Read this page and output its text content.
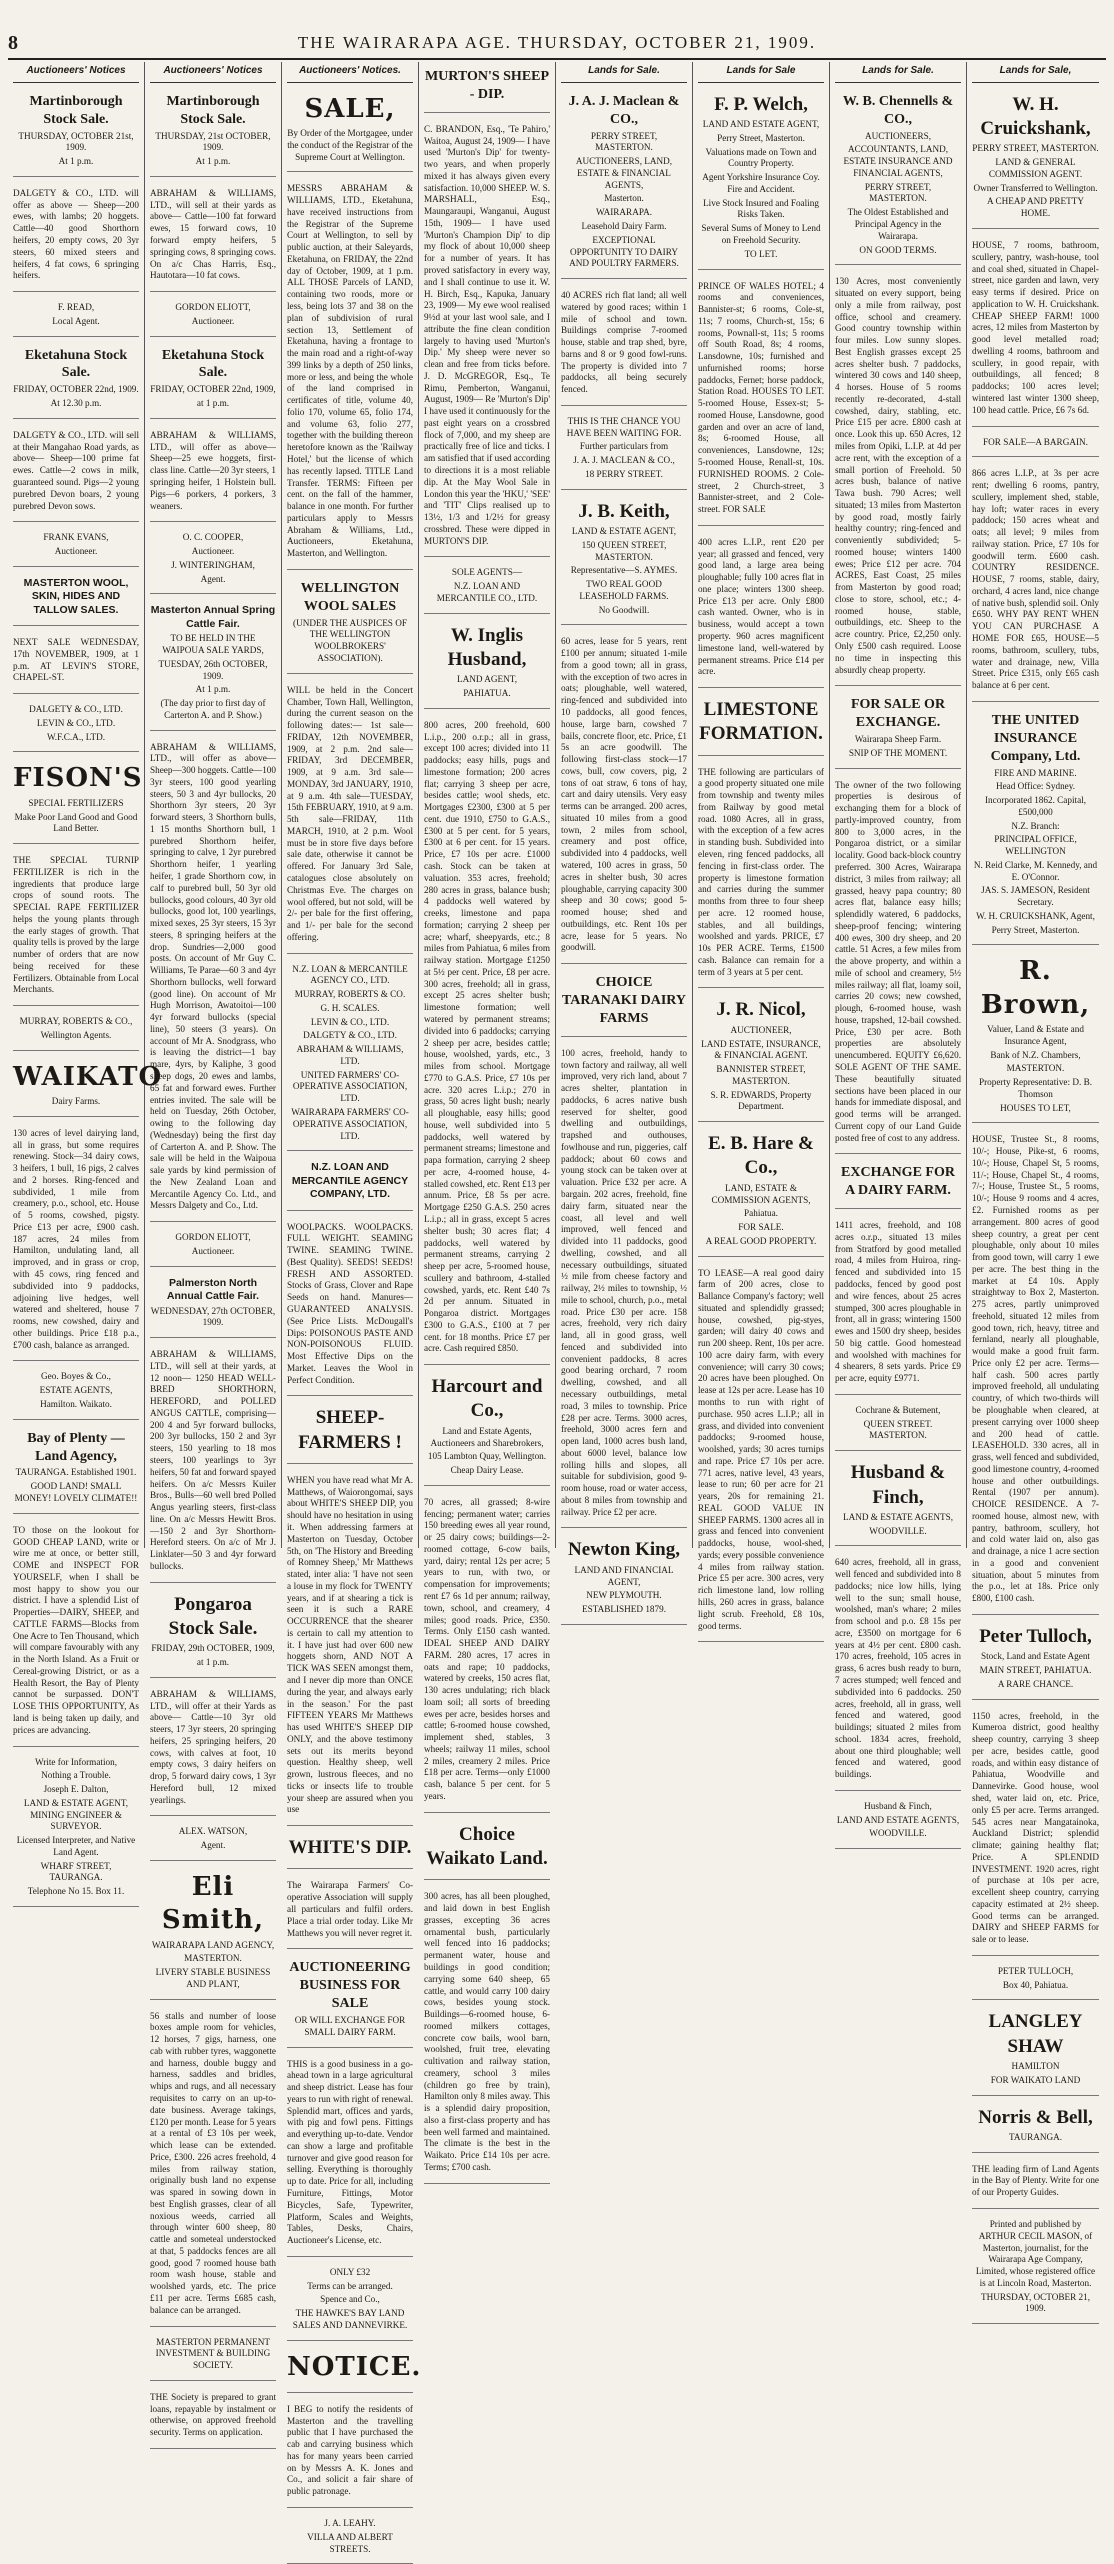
8	THE WAIRARAPA AGE. THURSDAY, OCTOBER 21, 1909.
Auctioneers' Notices
Martinborough Stock Sale.
THURSDAY, OCTOBER 21st, 1909.
At 1 p.m.
DALGETY & CO., LTD. will offer as above — Sheep—200 ewes, with lambs; 20 hoggets. Cattle—40 good Shorthorn heifers, 20 empty cows, 20 3yr steers, 60 mixed steers and heifers, 4 fat cows, 6 springing heifers.
F. READ,
Local Agent.
Eketahuna Stock Sale.
FRIDAY, OCTOBER 22nd, 1909.
At 12.30 p.m.
DALGETY & CO., LTD. will sell at their Mangahao Road yards, as above— Sheep—100 prime fat ewes. Cattle—2 cows in milk, guaranteed sound. Pigs—2 young purebred Devon boars, 2 young purebred Devon sows.
FRANK EVANS,
Auctioneer.
MASTERTON WOOL, SKIN, HIDES AND TALLOW SALES.
NEXT SALE WEDNESDAY, 17th NOVEMBER, 1909, at 1 p.m. AT LEVIN'S STORE, CHAPEL-ST.
DALGETY & CO., LTD.
LEVIN & CO., LTD.
W.F.C.A., LTD.
FISON'S
SPECIAL FERTILIZERS
Make Poor Land Good and Good Land Better.
THE SPECIAL TURNIP FERTILIZER is rich in the ingredients that produce large crops of sound roots. The SPECIAL RAPE FERTILIZER helps the young plants through the early stages of growth. That quality tells is proved by the large number of orders that are now being received for these Fertilizers. Obtainable from Local Merchants.
MURRAY, ROBERTS & CO.,
Wellington Agents.
WAIKATO
Dairy Farms.
130 acres of level dairying land, all in grass, but some requires renewing. Stock—34 dairy cows, 3 heifers, 1 bull, 16 pigs, 2 calves and 2 horses. Ring-fenced and subdivided, 1 mile from creamery, p.o., school, etc. House of 5 rooms, cowshed, pigsty. Price £13 per acre, £900 cash. 187 acres, 24 miles from Hamilton, undulating land, all improved, and in grass or crop, with 45 cows, ring fenced and subdivided into 9 paddocks, adjoining live hedges, well watered and sheltered, house 7 rooms, new cowshed, dairy and other buildings. Price £18 p.a., £700 cash, balance as arranged.
Geo. Boyes & Co.,
ESTATE AGENTS,
Hamilton. Waikato.
Bay of Plenty — Land Agency,
TAURANGA. Established 1901.
GOOD LAND! SMALL MONEY! LOVELY CLIMATE!!
TO those on the lookout for GOOD CHEAP LAND, write or wire me at once, or better still, COME and INSPECT FOR YOURSELF, when I shall be most happy to show you our district. I have a splendid List of Properties—DAIRY, SHEEP, and CATTLE FARMS—Blocks from One Acre to Ten Thousand, which will compare favourably with any in the North Island. As a Fruit or Cereal-growing District, or as a Health Resort, the Bay of Plenty cannot be surpassed. DON'T LOSE THIS OPPORTUNITY, As land is being taken up daily, and prices are advancing.
Write for Information,
Nothing a Trouble.
Joseph E. Dalton,
LAND & ESTATE AGENT, MINING ENGINEER & SURVEYOR.
Licensed Interpreter, and Native Land Agent.
WHARF STREET, TAURANGA.
Telephone No 15. Box 11.
Auctioneers' Notices
Martinborough Stock Sale.
THURSDAY, 21st OCTOBER, 1909.
At 1 p.m.
ABRAHAM & WILLIAMS, LTD., will sell at their yards as above— Cattle—100 fat forward ewes, 15 forward cows, 10 forward empty heifers, 5 springing cows, 8 springing cows. On a/c Chas Harris, Esq., Hautotara—10 fat cows.
GORDON ELIOTT,
Auctioneer.
Eketahuna Stock Sale.
FRIDAY, OCTOBER 22nd, 1909,
at 1 p.m.
ABRAHAM & WILLIAMS, LTD., will offer as above— Sheep—25 ewe hoggets, first-class line. Cattle—20 3yr steers, 1 springing heifer, 1 Holstein bull. Pigs—6 porkers, 4 porkers, 3 weaners.
O. C. COOPER,
Auctioneer.
J. WINTERINGHAM,
Agent.
Masterton Annual Spring Cattle Fair.
TO BE HELD IN THE WAIPOUA SALE YARDS,
TUESDAY, 26th OCTOBER, 1909.
At 1 p.m.
(The day prior to first day of Carterton A. and P. Show.)
ABRAHAM & WILLIAMS, LTD., will offer as above— Sheep—300 hoggets. Cattle—100 3yr steers, 100 good yearling steers, 50 3 and 4yr bullocks, 20 Shorthorn 3yr steers, 20 3yr forward steers, 3 Shorthorn bulls, 1 15 months Shorthorn bull, 1 purebred Shorthorn heifer, springing to calve, 1 2yr purebred Shorthorn heifer, 1 yearling heifer, 1 grade Shorthorn cow, in calf to purebred bull, 50 3yr old bullocks, good colours, 40 3yr old bullocks, good lot, 100 yearlings, mixed sexes, 25 3yr steers, 15 3yr steers, 8 springing heifers at the drop. Sundries—2,000 good posts. On account of Mr Guy C. Williams, Te Parae—60 3 and 4yr Shorthorn bullocks, well forward (good line). On account of Mr Hugh Morrison, Awatoitoi—100 4yr forward bullocks (special line), 50 steers (3 years). On account of Mr A. Snodgrass, who is leaving the district—1 bay mare, 4yrs, by Kaliphe, 3 good sheep dogs, 20 ewes and lambs, 65 fat and forward ewes. Further entries invited. The sale will be held on Tuesday, 26th October, owing to the following day (Wednesday) being the first day of Carterton A. and P. Show. The sale will be held in the Waipoua sale yards by kind permission of the New Zealand Loan and Mercantile Agency Co. Ltd., and Messrs Dalgety and Co., Ltd.
GORDON ELIOTT,
Auctioneer.
Palmerston North Annual Cattle Fair.
WEDNESDAY, 27th OCTOBER, 1909.
ABRAHAM & WILLIAMS, LTD., will sell at their yards, at 12 noon— 1250 HEAD WELL-BRED SHORTHORN, HEREFORD, and POLLED ANGUS CATTLE, comprising—200 4 and 5yr forward bullocks, 200 3yr bullocks, 150 2 and 3yr steers, 150 yearling to 18 mos steers, 100 yearlings to 3yr heifers, 50 fat and forward spayed heifers. On a/c Messrs Kuiler Bros., Bulls—60 well bred Polled Angus yearling steers, first-class line. On a/c Messrs Hewitt Bros.—150 2 and 3yr Shorthorn-Hereford steers. On a/c of Mr J. Linklater—50 3 and 4yr forward bullocks.
Pongaroa Stock Sale.
FRIDAY, 29th OCTOBER, 1909,
at 1 p.m.
ABRAHAM & WILLIAMS, LTD., will offer at their Yards as above— Cattle—10 3yr old steers, 17 3yr steers, 20 springing heifers, 25 springing heifers, 20 cows, with calves at foot, 10 empty cows, 3 dairy heifers on drop, 5 forward dairy cows, 1 3yr Hereford bull, 12 mixed yearlings.
ALEX. WATSON,
Agent.
Eli Smith,
WAIRARAPA LAND AGENCY,
MASTERTON.
LIVERY STABLE BUSINESS AND PLANT,
56 stalls and number of loose boxes ample room for vehicles, 12 horses, 7 gigs, harness, one cab with rubber tyres, waggonette and harness, double buggy and harness, saddles and bridles, whips and rugs, and all necessary requisites to carry on an up-to-date business. Average takings, £120 per month. Lease for 5 years at a rental of £3 10s per week, which lease can be extended. Price, £300. 226 acres freehold, 4 miles from railway station, originally bush land no expense was spared in sowing down in best English grasses, clear of all noxious weeds, carried all through winter 600 sheep, 80 cattle and someteal understocked at that, 5 paddocks fences are all good, good 7 roomed house bath room wash house, stable and woolshed yards, etc. The price £11 per acre. Terms £685 cash, balance can be arranged.
MASTERTON PERMANENT INVESTMENT & BUILDING SOCIETY.
THE Society is prepared to grant loans, repayable by instalment or otherwise, on approved freehold security. Terms on application.
Auctioneers' Notices.
SALE,
By Order of the Mortgagee, under the conduct of the Registrar of the Supreme Court at Wellington.
MESSRS ABRAHAM & WILLIAMS, LTD., Eketahuna, have received instructions from the Registrar of the Supreme Court at Wellington, to sell by public auction, at their Saleyards, Eketahuna, on FRIDAY, the 22nd day of October, 1909, at 1 p.m. ALL THOSE Parcels of LAND, containing two roods, more or less, being lots 37 and 38 on the plan of subdivision of rural section 13, Settlement of Eketahuna, having a frontage to the main road and a right-of-way 399 links by a depth of 250 links, more or less, and being the whole of the land comprised in certificates of title, volume 40, folio 170, volume 65, folio 174, and volume 63, folio 277, together with the building thereon heretofore known as the 'Railway Hotel,' but the license of which has recently lapsed. TITLE Land Transfer. TERMS: Fifteen per cent. on the fall of the hammer, balance in one month. For further particulars apply to Messrs Abraham & Williams, Ltd., Auctioneers, Eketahuna, Masterton, and Wellington.
WELLINGTON WOOL SALES
(UNDER THE AUSPICES OF THE WELLINGTON WOOLBROKERS' ASSOCIATION).
WILL be held in the Concert Chamber, Town Hall, Wellington, during the current season on the following dates:— 1st sale—FRIDAY, 12th NOVEMBER, 1909, at 2 p.m. 2nd sale—FRIDAY, 3rd DECEMBER, 1909, at 9 a.m. 3rd sale—MONDAY, 3rd JANUARY, 1910, at 9 a.m. 4th sale—TUESDAY, 15th FEBRUARY, 1910, at 9 a.m. 5th sale—FRIDAY, 11th MARCH, 1910, at 2 p.m. Wool must be in store five days before sale date, otherwise it cannot be offered. For January 3rd Sale, catalogues close absolutely on Christmas Eve. The charges on wool offered, but not sold, will be 2/- per bale for the first offering, and 1/- per bale for the second offering.
N.Z. LOAN & MERCANTILE AGENCY CO., LTD.
MURRAY, ROBERTS & CO.
G. H. SCALES.
LEVIN & CO., LTD.
DALGETY & CO., LTD.
ABRAHAM & WILLIAMS, LTD.
UNITED FARMERS' CO-OPERATIVE ASSOCIATION, LTD.
WAIRARAPA FARMERS' CO-OPERATIVE ASSOCIATION, LTD.
N.Z. LOAN AND MERCANTILE AGENCY COMPANY, LTD.
WOOLPACKS. WOOLPACKS. FULL WEIGHT. SEAMING TWINE. SEAMING TWINE. (Best Quality). SEEDS! SEEDS! FRESH AND ASSORTED. Stocks of Grass, Clover and Rape Seeds on hand. Manures— GUARANTEED ANALYSIS. (See Price Lists. McDougall's Dips: POISONOUS PASTE AND NON-POISONOUS FLUID. Most Effective Dips on the Market. Leaves the Wool in Perfect Condition.
SHEEP-FARMERS !
WHEN you have read what Mr A. Matthews, of Waiorongomai, says about WHITE'S SHEEP DIP, you should have no hesitation in using it. When addressing farmers at Masterton on Tuesday, October 5th, on 'The History and Breeding of Romney Sheep,' Mr Matthews stated, inter alia: 'I have not seen a louse in my flock for TWENTY years, and if at shearing a tick is seen it is such a RARE OCCURRENCE that the shearer is certain to call my attention to it. I have just had over 600 new hoggets shorn, AND NOT A TICK WAS SEEN amongst them, and I never dip more than ONCE during the year, and always early in the season.' For the past FIFTEEN YEARS Mr Matthews has used WHITE'S SHEEP DIP ONLY, and the above testimony sets out its merits beyond question. Healthy sheep, well grown, lustrous fleeces, and no ticks or insects life to trouble your sheep are assured when you use
WHITE'S DIP.
The Wairarapa Farmers' Co-operative Association will supply all particulars and fulfil orders. Place a trial order today. Like Mr Matthews you will never regret it.
AUCTIONEERING BUSINESS FOR SALE
OR WILL EXCHANGE FOR SMALL DAIRY FARM.
THIS is a good business in a go-ahead town in a large agricultural and sheep district. Lease has four years to run with right of renewal. Splendid mart, offices and yards, with pig and fowl pens. Fittings and everything up-to-date. Vendor can show a large and profitable turnover and give good reason for selling. Everything is thoroughly up to date. Price for all, including Furniture, Fittings, Motor Bicycles, Safe, Typewriter, Platform, Scales and Weights, Tables, Desks, Chairs, Auctioneer's License, etc.
ONLY £32
Terms can be arranged.
Spence and Co.,
THE HAWKE'S BAY LAND SALES AND DANNEVIRKE.
NOTICE.
I BEG to notify the residents of Masterton and the travelling public that I have purchased the cab and carrying business which has for many years been carried on by Messrs A. K. Jones and Co., and solicit a fair share of public patronage.
J. A. LEAHY.
VILLA AND ALBERT STREETS.
MURTON'S SHEEP - DIP.
C. BRANDON, Esq., 'Te Pahiro,' Waitoa, August 24, 1909— I have used 'Murton's Dip' for twenty-two years, and when properly mixed it has always given every satisfaction. 10,000 SHEEP. W. S. MARSHALL, Esq., Maungaraupi, Wanganui, August 15th, 1909— I have used 'Murton's Champion Dip' to dip my flock of about 10,000 sheep for a number of years. It has proved satisfactory in every way, and I shall continue to use it. W. H. Birch, Esq., Kapuka, January 23, 1909— My ewe wool realised 9½d at your last wool sale, and I attribute the fine clean condition largely to having used 'Murton's Dip.' My sheep were never so clean and free from ticks before. J. D. McGREGOR, Esq., Te Rimu, Pemberton, Wanganui, August, 1909— Re 'Murton's Dip' I have used it continuously for the past eight years on a crossbred flock of 7,000, and my sheep are practically free of lice and ticks. I am satisfied that if used according to directions it is a most reliable dip. At the May Wool Sale in London this year the 'HKU,' 'SEE' and 'TIT' Clips realised up to 13½, 1/3 and 1/2½ for greasy crossbred. These were dipped in MURTON'S DIP.
SOLE AGENTS—
N.Z. LOAN AND MERCANTILE CO., LTD.
W. Inglis Husband,
LAND AGENT,
PAHIATUA.
800 acres, 200 freehold, 600 L.i.p., 200 o.r.p.; all in grass, except 100 acres; divided into 11 paddocks; easy hills, pugs and limestone formation; 200 acres flat; carrying 3 sheep per acre, besides cattle; wool sheds, etc. Mortgages £2300, £300 at 5 per cent. due 1910, £750 to G.A.S., £300 at 5 per cent. for 5 years, £300 at 6 per cent. for 15 years. Price, £7 10s per acre. £1000 cash. Stock can be taken at valuation. 353 acres, freehold; 280 acres in grass, balance bush; 4 paddocks well watered by creeks, limestone and papa formation; carrying 2 sheep per acre; wharf, sheepyards, etc.; 8 miles from Pahiatua, 6 miles from railway station. Mortgage £1250 at 5½ per cent. Price, £8 per acre. 300 acres, freehold; all in grass, except 25 acres shelter bush; limestone formation; well watered by permanent streams; divided into 6 paddocks; carrying 2 sheep per acre, besides cattle; house, woolshed, yards, etc., 3 miles from school. Mortgage £770 to G.A.S. Price, £7 10s per acre. 320 acres L.i.p.; 270 in grass, 50 acres light bush; nearly all ploughable, easy hills; good house, well subdivided into 5 paddocks, well watered by permanent streams; limestone and papa formation, carrying 2 sheep per acre, 4-roomed house, 4-stalled cowshed, etc. Rent £13 per annum. Price, £8 5s per acre. Mortgage £250 G.A.S. 250 acres L.i.p.; all in grass, except 5 acres shelter bush; 30 acres flat; 4 paddocks, well watered by permanent streams, carrying 2 sheep per acre, 5-roomed house, scullery and bathroom, 4-stalled cowshed, yards, etc. Rent £40 7s 2d per annum. Situated in Pongaroa district. Mortgages £300 to G.A.S., £100 at 7 per cent. for 18 months. Price £7 per acre. Cash required £850.
Harcourt and Co.,
Land and Estate Agents, Auctioneers and Sharebrokers,
105 Lambton Quay, Wellington.
Cheap Dairy Lease.
70 acres, all grassed; 8-wire fencing; permanent water; carries 150 breeding ewes all year round, or 25 dairy cows; buildings—2-roomed cottage, 6-cow bails, yard, dairy; rental 12s per acre; 5 years to run, with two, or compensation for improvements; rent £7 6s 1d per annum; railway, town, school, and creamery, 4 miles; good roads. Price, £350. Terms. Only £150 cash wanted. IDEAL SHEEP AND DAIRY FARM. 280 acres, 17 acres in oats and rape; 10 paddocks, watered by creeks, 150 acres flat, 130 acres undulating; rich black loam soil; all sorts of breeding ewes per acre, besides horses and cattle; 6-roomed house cowshed, implement shed, stables, 3 wheels; railway 11 miles, school 2 miles, creamery 2 miles. Price £18 per acre. Terms—only £1000 cash, balance 5 per cent. for 5 years.
Choice Waikato Land.
300 acres, has all been ploughed, and laid down in best English grasses, excepting 36 acres ornamental bush, particularly well fenced into 16 paddocks; permanent water, house and buildings in good condition; carrying some 640 sheep, 65 cattle, and would carry 100 dairy cows, besides young stock. Buildings—6-roomed house, 6-roomed milkers cottages, concrete cow bails, wool barn, woolshed, fruit tree, elevating cultivation and railway station, creamery, school 3 miles (children go free by train), Hamilton only 8 miles away. This is a splendid dairy proposition, also a first-class property and has been well farmed and maintained. The climate is the best in the Waikato. Price £14 10s per acre. Terms; £700 cash.
Lands for Sale.
J. A. J. Maclean & CO.,
PERRY STREET, MASTERTON.
AUCTIONEERS, LAND, ESTATE & FINANCIAL AGENTS,
Masterton.
WAIRARAPA.
Leasehold Dairy Farm.
EXCEPTIONAL OPPORTUNITY TO DAIRY AND POULTRY FARMERS.
40 ACRES rich flat land; all well watered by good races; within 1 mile of school and town. Buildings comprise 7-roomed house, stable and trap shed, byre, barns and 8 or 9 good fowl-runs. The property is divided into 7 paddocks, all being securely fenced.
THIS IS THE CHANCE YOU HAVE BEEN WAITING FOR.
Further particulars from
J. A. J. MACLEAN & CO.,
18 PERRY STREET.
J. B. Keith,
LAND & ESTATE AGENT,
150 QUEEN STREET, MASTERTON.
Representative—S. AYMES.
TWO REAL GOOD LEASEHOLD FARMS.
No Goodwill.
60 acres, lease for 5 years, rent £100 per annum; situated 1-mile from a good town; all in grass, with the exception of two acres in oats; ploughable, well watered, ring-fenced and subdivided into 10 paddocks, all good fences, house, large barn, cowshed 7 bails, concrete floor, etc. Price, £1 5s an acre goodwill. The following first-class stock—17 cows, bull, cow covers, pig, 2 tons of oat straw, 6 tons of hay, cart and dairy utensils. Very easy terms can be arranged. 200 acres, situated 10 miles from a good town, 2 miles from school, creamery and post office, subdivided into 4 paddocks, well watered, 100 acres in grass, 50 acres in shelter bush, 30 acres ploughable, carrying capacity 300 sheep and 30 cows; good 5-roomed house; shed and outbuildings, etc. Rent 10s per acre, lease for 5 years. No goodwill.
CHOICE TARANAKI DAIRY FARMS
100 acres, freehold, handy to town factory and railway, all well improved, very rich land, about 7 acres shelter, plantation in paddocks, 6 acres native bush reserved for shelter, good dwelling and outbuildings, trapshed and outhouses, fowlhouse and run, piggeries, calf paddock; about 60 cows and young stock can be taken over at valuation. Price £32 per acre. A bargain. 202 acres, freehold, fine dairy farm, situated near the coast, all level and well improved, well fenced and divided into 11 paddocks, good dwelling, cowshed, and all necessary outbuildings, situated ½ mile from cheese factory and railway, 2½ miles to township, ½ mile to school, church, p.o., metal road. Price £30 per acre. 158 acres, freehold, very rich dairy land, all in good grass, well fenced and subdivided into convenient paddocks, 8 acres good bearing orchard, 7 room dwelling, cowshed, and all necessary outbuildings, metal road, 3 miles to township. Price £28 per acre. Terms. 3000 acres, freehold, 3000 acres fern and open land, 1000 acres bush land, about 6000 level, balance low rolling hills and slopes, all suitable for subdivision, good 9-room house, road or water access, about 8 miles from township and railway. Price £2 per acre.
Newton King,
LAND AND FINANCIAL AGENT,
NEW PLYMOUTH.
ESTABLISHED 1879.
Lands for Sale
F. P. Welch,
LAND AND ESTATE AGENT,
Perry Street, Masterton.
Valuations made on Town and Country Property.
Agent Yorkshire Insurance Coy. Fire and Accident.
Live Stock Insured and Foaling Risks Taken.
Several Sums of Money to Lend on Freehold Security.
TO LET.
PRINCE OF WALES HOTEL; 4 rooms and conveniences, Bannister-st; 6 rooms, Cole-st, 11s; 7 rooms, Church-st, 15s; 6 rooms, Pownall-st, 11s; 5 rooms off South Road, 8s; 4 rooms, Lansdowne, 10s; furnished and unfurnished rooms; horse paddocks, Fernet; horse paddock, Station Road. HOUSES TO LET. 5-roomed House, Essex-st; 5-roomed House, Lansdowne, good garden and over an acre of land, 8s; 6-roomed House, all conveniences, Lansdowne, 12s; 5-roomed House, Renall-st, 10s. FURNISHED ROOMS. 2 Cole-street, 2 Church-street, 3 Bannister-street, and 2 Cole-street. FOR SALE
400 acres L.I.P., rent £20 per year; all grassed and fenced, very good land, a large area being ploughable; fully 100 acres flat in one place; winters 1300 sheep. Price £13 per acre. Only £800 cash wanted. Owner, who is in business, would accept a town property. 960 acres magnificent limestone land, well-watered by permanent streams. Price £14 per acre.
LIMESTONE FORMATION.
THE following are particulars of a good property situated one mile from township and twenty miles from Railway by good metal road. 1080 Acres, all in grass, with the exception of a few acres in standing bush. Subdivided into eleven, ring fenced paddocks, all fencing in first-class order. The property is limestone formation and carries during the summer months from three to four sheep per acre. 12 roomed house, stables, and all buildings, woolshed and yards. PRICE, £7 10s PER ACRE. Terms, £1500 cash. Balance can remain for a term of 3 years at 5 per cent.
J. R. Nicol,
AUCTIONEER,
LAND ESTATE, INSURANCE, & FINANCIAL AGENT.
BANNISTER STREET, MASTERTON.
S. R. EDWARDS, Property Department.
E. B. Hare & Co.,
LAND, ESTATE & COMMISSION AGENTS,
Pahiatua.
FOR SALE.
A REAL GOOD PROPERTY.
TO LEASE—A real good dairy farm of 200 acres, close to Ballance Company's factory; well situated and splendidly grassed; house, cowshed, pig-styes, garden; will dairy 40 cows and run 200 sheep. Rent, 10s per acre. 100 acre dairy farm, with every convenience; will carry 30 cows; 20 acres have been ploughed. On lease at 12s per acre. Lease has 10 months to run with right of purchase. 950 acres L.I.P.; all in grass, and divided into convenient paddocks; 9-roomed house, woolshed, yards; 30 acres turnips and rape. Price £7 10s per acre. 771 acres, native level, 43 years, lease to run; 60 per acre for 21 years, 20s for remaining 21. REAL GOOD VALUE IN SHEEP FARMS. 1300 acres all in grass and fenced into convenient paddocks, house, wool-shed, yards; every possible convenience 4 miles from railway station. Price £5 per acre. 300 acres, very rich limestone land, low rolling hills, 260 acres in grass, balance light scrub. Freehold, £8 10s, good terms.
Lands for Sale.
W. B. Chennells & CO.,
AUCTIONEERS,
ACCOUNTANTS, LAND, ESTATE INSURANCE AND FINANCIAL AGENTS,
PERRY STREET, MASTERTON.
The Oldest Established and Principal Agency in the Wairarapa.
ON GOOD TERMS.
130 Acres, most conveniently situated on every support, being only a mile from railway, post office, school and creamery. Good country township within four miles. Low sunny slopes. Best English grasses except 25 acres shelter bush. 7 paddocks, wintered 30 cows and 140 sheep, 4 horses. House of 5 rooms recently re-decorated, 4-stall cowshed, dairy, stabling, etc. Price £15 per acre. £800 cash at once. Look this up. 650 Acres, 12 miles from Opiki, L.I.P. at 4d per acre rent, with the exception of a small portion of Freehold. 50 acres bush, balance of native Tawa bush. 790 Acres; well situated; 13 miles from Masterton by good road, mostly fairly healthy country; ring-fenced and conveniently subdivided; 5-roomed house; winters 1400 ewes; Price £12 per acre. 704 ACRES, East Coast, 25 miles from Masterton by good road; close to store, school, etc.; 4-roomed house, stable, outbuildings, etc. Sheep to the acre country. Price, £2,250 only. Only £500 cash required. Loose no time in inspecting this absurdly cheap property.
FOR SALE OR EXCHANGE.
Wairarapa Sheep Farm.
SNIP OF THE MOMENT.
The owner of the two following properties is desirous of exchanging them for a block of partly-improved country, from 800 to 3,000 acres, in the Pongaroa district, or a similar locality. Good back-block country preferred. 300 Acres, Wairarapa district, 3 miles from railway; all grassed, heavy papa country; 80 acres flat, balance easy hills; splendidly watered, 6 paddocks, sheep-proof fencing; wintering 400 ewes, 300 dry sheep, and 20 cattle. 51 Acres, a few miles from the above property, and within a mile of school and creamery, 5½ miles railway; all flat, loamy soil, carries 20 cows; new cowshed, plough, 6-roomed house, wash house, trapshed, 12-bail cowshed. Price, £30 per acre. Both properties are absolutely unencumbered. EQUITY £6,620. SOLE AGENT OF THE SAME. These beautifully situated sections have been placed in our hands for immediate disposal, and good terms will be arranged. Current copy of our Land Guide posted free of cost to any address.
EXCHANGE FOR A DAIRY FARM.
1411 acres, freehold, and 108 acres o.r.p., situated 13 miles from Stratford by good metalled road, 4 miles from Huiroa, ring-fenced and subdivided into 15 paddocks, fenced by good post and wire fences, about 25 acres stumped, 300 acres ploughable in front, all in grass; wintering 1500 ewes and 1500 dry sheep, besides 50 big cattle. Good homestead and woolshed with machines for 4 shearers, 8 sets yards. Price £9 per acre, equity £9771.
Cochrane & Butement,
QUEEN STREET. MASTERTON.
Husband & Finch,
LAND & ESTATE AGENTS,
WOODVILLE.
640 acres, freehold, all in grass, well fenced and subdivided into 8 paddocks; nice low hills, lying well to the sun; small house, woolshed, man's whare; 2 miles from school and p.o. £8 15s per acre, £3500 on mortgage for 6 years at 4½ per cent. £800 cash. 170 acres, freehold, 105 acres in grass, 6 acres bush ready to burn, 7 acres stumped; well fenced and subdivided into 6 paddocks. 250 acres, freehold, all in grass, well fenced and watered, good buildings; situated 2 miles from school. 1834 acres, freehold, about one third ploughable; well fenced and watered, good buildings.
Husband & Finch,
LAND AND ESTATE AGENTS,
WOODVILLE.
Lands for Sale,
W. H. Cruickshank,
PERRY STREET, MASTERTON.
LAND & GENERAL COMMISSION AGENT.
Owner Transferred to Wellington.
A CHEAP AND PRETTY HOME.
HOUSE, 7 rooms, bathroom, scullery, pantry, wash-house, tool and coal shed, situated in Chapel-street, nice garden and lawn, very easy terms if desired. Price on application to W. H. Cruickshank. CHEAP SHEEP FARM! 1000 acres, 12 miles from Masterton by good level metalled road; dwelling 4 rooms, bathroom and scullery, in good repair, with outbuildings, all fenced; 8 paddocks; 100 acres level; wintered last winter 1300 sheep, 100 head cattle. Price, £6 7s 6d.
FOR SALE—A BARGAIN.
866 acres L.I.P., at 3s per acre rent; dwelling 6 rooms, pantry, scullery, implement shed, stable, hay loft; water races in every paddock; 150 acres wheat and oats; all level; 9 miles from railway station. Price, £7 10s for goodwill term. £600 cash. COUNTRY RESIDENCE. HOUSE, 7 rooms, stable, dairy, orchard, 4 acres land, nice change of native bush, splendid soil. Only £650. WHY PAY RENT WHEN YOU CAN PURCHASE A HOME FOR £65, HOUSE—5 rooms, bathroom, scullery, tubs, water and drainage, new, Villa Street. Price £315, only £65 cash balance at 6 per cent.
THE UNITED INSURANCE Company, Ltd.
FIRE AND MARINE.
Head Office: Sydney.
Incorporated 1862. Capital, £500,000
N.Z. Branch:
PRINCIPAL OFFICE, WELLINGTON
N. Reid Clarke, M. Kennedy, and E. O'Connor.
JAS. S. JAMESON, Resident Secretary.
W. H. CRUICKSHANK, Agent,
Perry Street, Masterton.
R. Brown,
Valuer, Land & Estate and Insurance Agent,
Bank of N.Z. Chambers,
MASTERTON.
Property Representative: D. B. Thomson
HOUSES TO LET,
HOUSE, Trustee St., 8 rooms, 10/-; House, Pike-st, 6 rooms, 10/-; House, Chapel St, 5 rooms, 11/-; House, Chapel St., 4 rooms, 7/-; House, Trustee St., 5 rooms, 10/-; House 9 rooms and 4 acres, £2. Furnished rooms as per arrangement. 800 acres of good sheep country, a great per cent ploughable, only about 10 miles from good town, will carry 1 ewe per acre. The best thing in the market at £4 10s. Apply straightway to Box 2, Masterton. 275 acres, partly unimproved freehold, situated 12 miles from good town, rich, heavy, titree and fernland, nearly all ploughable, would make a good fruit farm. Price only £2 per acre. Terms—half cash. 500 acres partly improved freehold, all undulating country, of which two-thirds will be ploughable when cleared, at present carrying over 1000 sheep and 200 head of cattle. LEASEHOLD. 330 acres, all in grass, well fenced and subdivided, good limestone country, 4-roomed house and other outbuildings. Rental (1907 per annum). CHOICE RESIDENCE. A 7-roomed house, almost new, with pantry, bathroom, scullery, hot and cold water laid on, also gas and drainage, a nice 1 acre section in a good and convenient situation, about 5 minutes from the p.o., let at 18s. Price only £800, £100 cash.
Peter Tulloch,
Stock, Land and Estate Agent
MAIN STREET, PAHIATUA.
A RARE CHANCE.
1150 acres, freehold, in the Kumeroa district, good healthy sheep country, carrying 3 sheep per acre, besides cattle, good roads, and within easy distance of Pahiatua, Woodville and Dannevirke. Good house, wool shed, water laid on, etc. Price, only £5 per acre. Terms arranged. 545 acres near Mangatainoka, Auckland District; splendid climate; gaining healthy flat; Price. A SPLENDID INVESTMENT. 1920 acres, right of purchase at 10s per acre, excellent sheep country, carrying capacity estimated at 2½ sheep. Good terms can be arranged. DAIRY and SHEEP FARMS for sale or to lease.
PETER TULLOCH,
Box 40, Pahiatua.
LANGLEY SHAW
HAMILTON
FOR WAIKATO LAND
Norris & Bell,
TAURANGA.
THE leading firm of Land Agents in the Bay of Plenty. Write for one of our Property Guides.
Printed and published by ARTHUR CECIL MASON, of Masterton, journalist, for the Wairarapa Age Company, Limited, whose registered office is at Lincoln Road, Masterton.
THURSDAY, OCTOBER 21, 1909.
